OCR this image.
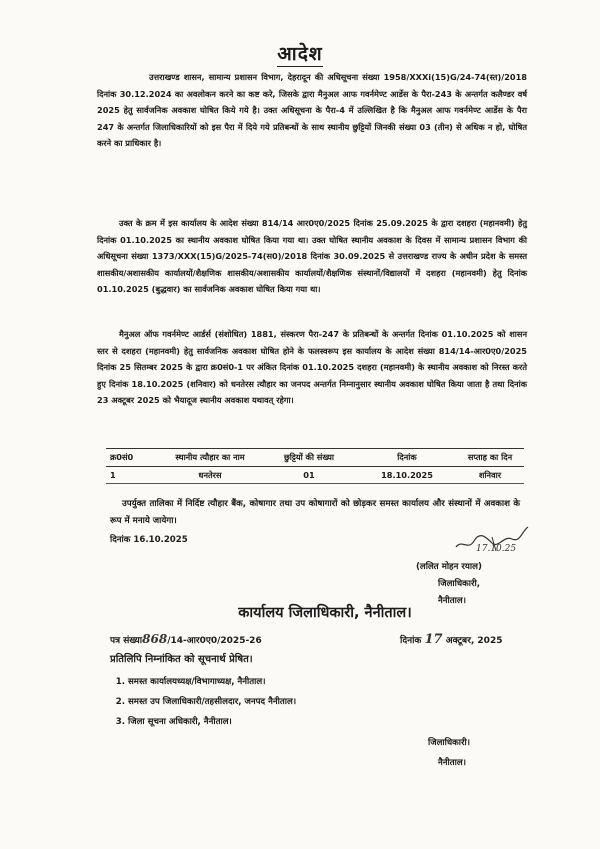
आदेश
उत्तराखण्ड शासन, सामान्य प्रशासन विभाग, देहरादून की अधिसूचना संख्या 1958/XXXi(15)G/24-74(स्त)/2018 दिनांक 30.12.2024 का अवलोकन करने का कष्ट करे, जिसके द्वारा मैनुअल आफ गवर्नमेण्ट आर्डेस के पैरा-243 के अन्तर्गत कलैण्डर वर्ष 2025 हेतु सार्वजनिक अवकाश घोषित किये गये है। उक्त अधिसूचना के पैरा-4 में उल्लिखित है कि मैनुअल आफ गवर्नमेण्ट आर्डेस के पैरा 247 के अन्तर्गत जिलाधिकारियों को इस पैरा में दिये गये प्रतिबन्धों के साथ स्थानीय छुट्टियों जिनकी संख्या 03 (तीन) से अधिक न हो, घोषित करने का प्राधिकार है।
उक्त के क्रम में इस कार्यालय के आदेश संख्या 814/14 आर0ए0/2025 दिनांक 25.09.2025 के द्वारा दशहरा (महानवमी) हेतु दिनांक 01.10.2025 का स्थानीय अवकाश घोषित किया गया था। उक्त घोषित स्थानीय अवकाश के दिवस में सामान्य प्रशासन विभाग की अधिसूचना संख्या 1373/XXX(15)G/2025-74(स0)/2018 दिनांक 30.09.2025 से उत्तराखण्ड राज्य के अधीन प्रदेश के समस्त शासकीय/अशासकीय कार्यालयों/शैक्षणिक शासकीय/अशासकीय कार्यालयों/शैक्षणिक संस्थानों/विद्यालयों में दशहरा (महानवमी) हेतु दिनांक 01.10.2025 (बुद्धवार) का सार्वजनिक अवकाश घोषित किया गया था।
मैनुअल ऑफ गवर्नमेण्ट आर्डर्स (संशोधित) 1881, संस्करण पैरा-247 के प्रतिबन्धों के अन्तर्गत दिनांक 01.10.2025 को शासन स्तर से दशहरा (महानवमी) हेतु सार्वजनिक अवकाश घोषित होने के फलस्वरूप इस कार्यालय के आदेश संख्या 814/14-आर0ए0/2025 दिनांक 25 सितम्बर 2025 के द्वारा क्र0सं0-1 पर अंकित दिनांक 01.10.2025 दशहरा (महानवमी) के स्थानीय अवकाश को निरस्त करते हुए दिनांक 18.10.2025 (शनिवार) को धनतेरस त्यौहार का जनपद अन्तर्गत निम्नानुसार स्थानीय अवकाश घोषित किया जाता है तथा दिनांक 23 अक्टूबर 2025 को भैयादूज स्थानीय अवकाश यथावत् रहेगा।
क्र0सं0	स्थानीय त्यौहार का नाम	छुट्टियों की संख्या	दिनांक	सप्ताह का दिन
1	धनतेरस	01	18.10.2025	शनिवार
उपर्युक्त तालिका में निर्दिष्ट त्यौहार बैंक, कोषागार तथा उप कोषागारों को छोड़कर समस्त कार्यालय और संस्थानों में अवकाश के रूप में मनाये जायेगा।
दिनांक 16.10.2025
17.10.25
(ललित मोहन रयाल)
जिलाधिकारी,
नैनीताल।
कार्यालय जिलाधिकारी, नैनीताल।
पत्र संख्या868/14-आर0ए0/2025-26	दिनांक 17 अक्टूबर, 2025
प्रतिलिपि निम्नांकित को सूचनार्थ प्रेषित।
1. समस्त कार्यालयध्यक्ष/विभागाध्यक्ष, नैनीताल।
2. समस्त उप जिलाधिकारी/तहसीलदार, जनपद नैनीताल।
3. जिला सूचना अधिकारी, नैनीताल।
जिलाधिकारी।
नैनीताल।
